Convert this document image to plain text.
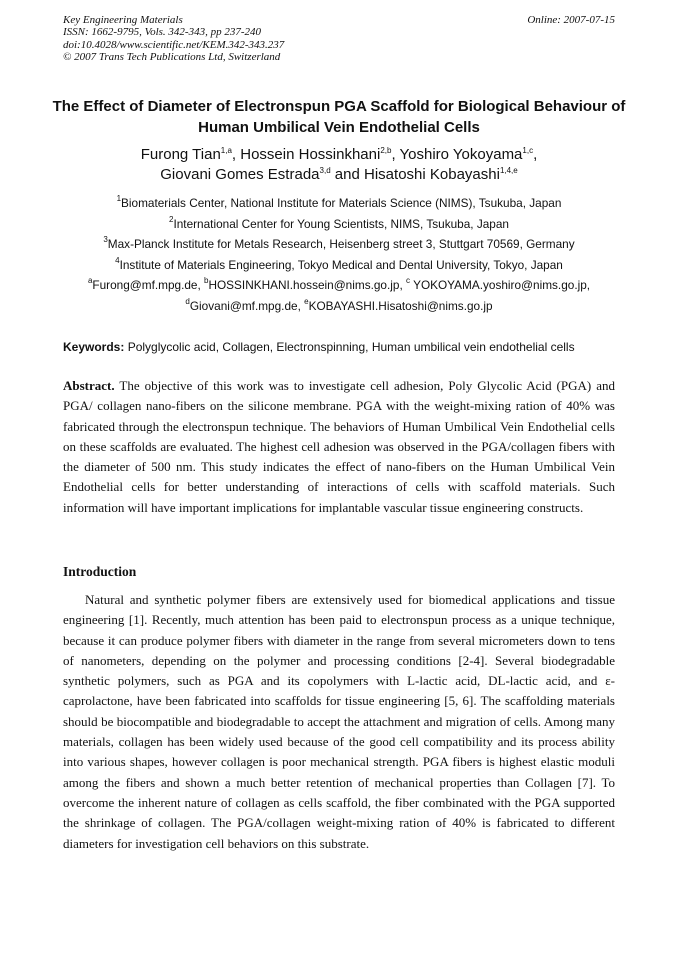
Key Engineering Materials
ISSN: 1662-9795, Vols. 342-343, pp 237-240
doi:10.4028/www.scientific.net/KEM.342-343.237
© 2007 Trans Tech Publications Ltd, Switzerland
Online: 2007-07-15
The Effect of Diameter of Electronspun PGA Scaffold for Biological Behaviour of Human Umbilical Vein Endothelial Cells
Furong Tian$^{1,a}$, Hossein Hossinkhani$^{2,b}$, Yoshiro Yokoyama$^{1,c}$,
Giovani Gomes Estrada$^{3,d}$ and Hisatoshi Kobayashi$^{1,4,e}$
$^1$Biomaterials Center, National Institute for Materials Science (NIMS), Tsukuba, Japan
$^2$International Center for Young Scientists, NIMS, Tsukuba, Japan
$^3$Max-Planck Institute for Metals Research, Heisenberg street 3, Stuttgart 70569, Germany
$^4$Institute of Materials Engineering, Tokyo Medical and Dental University, Tokyo, Japan
$^a$Furong@mf.mpg.de, $^b$HOSSINKHANI.hossein@nims.go.jp, $^c$ YOKOYAMA.yoshiro@nims.go.jp,
$^d$Giovani@mf.mpg.de, $^e$KOBAYASHI.Hisatoshi@nims.go.jp
Keywords: Polyglycolic acid, Collagen, Electronspinning, Human umbilical vein endothelial cells
Abstract. The objective of this work was to investigate cell adhesion, Poly Glycolic Acid (PGA) and PGA/ collagen nano-fibers on the silicone membrane. PGA with the weight-mixing ration of 40% was fabricated through the electronspun technique. The behaviors of Human Umbilical Vein Endothelial cells on these scaffolds are evaluated. The highest cell adhesion was observed in the PGA/collagen fibers with the diameter of 500 nm. This study indicates the effect of nano-fibers on the Human Umbilical Vein Endothelial cells for better understanding of interactions of cells with scaffold materials. Such information will have important implications for implantable vascular tissue engineering constructs.
Introduction
Natural and synthetic polymer fibers are extensively used for biomedical applications and tissue engineering [1]. Recently, much attention has been paid to electronspun process as a unique technique, because it can produce polymer fibers with diameter in the range from several micrometers down to tens of nanometers, depending on the polymer and processing conditions [2-4]. Several biodegradable synthetic polymers, such as PGA and its copolymers with L-lactic acid, DL-lactic acid, and ε-caprolactone, have been fabricated into scaffolds for tissue engineering [5, 6]. The scaffolding materials should be biocompatible and biodegradable to accept the attachment and migration of cells. Among many materials, collagen has been widely used because of the good cell compatibility and its process ability into various shapes, however collagen is poor mechanical strength. PGA fibers is highest elastic moduli among the fibers and shown a much better retention of mechanical properties than Collagen [7]. To overcome the inherent nature of collagen as cells scaffold, the fiber combinated with the PGA supported the shrinkage of collagen. The PGA/collagen weight-mixing ration of 40% is fabricated to different diameters for investigation cell behaviors on this substrate.
